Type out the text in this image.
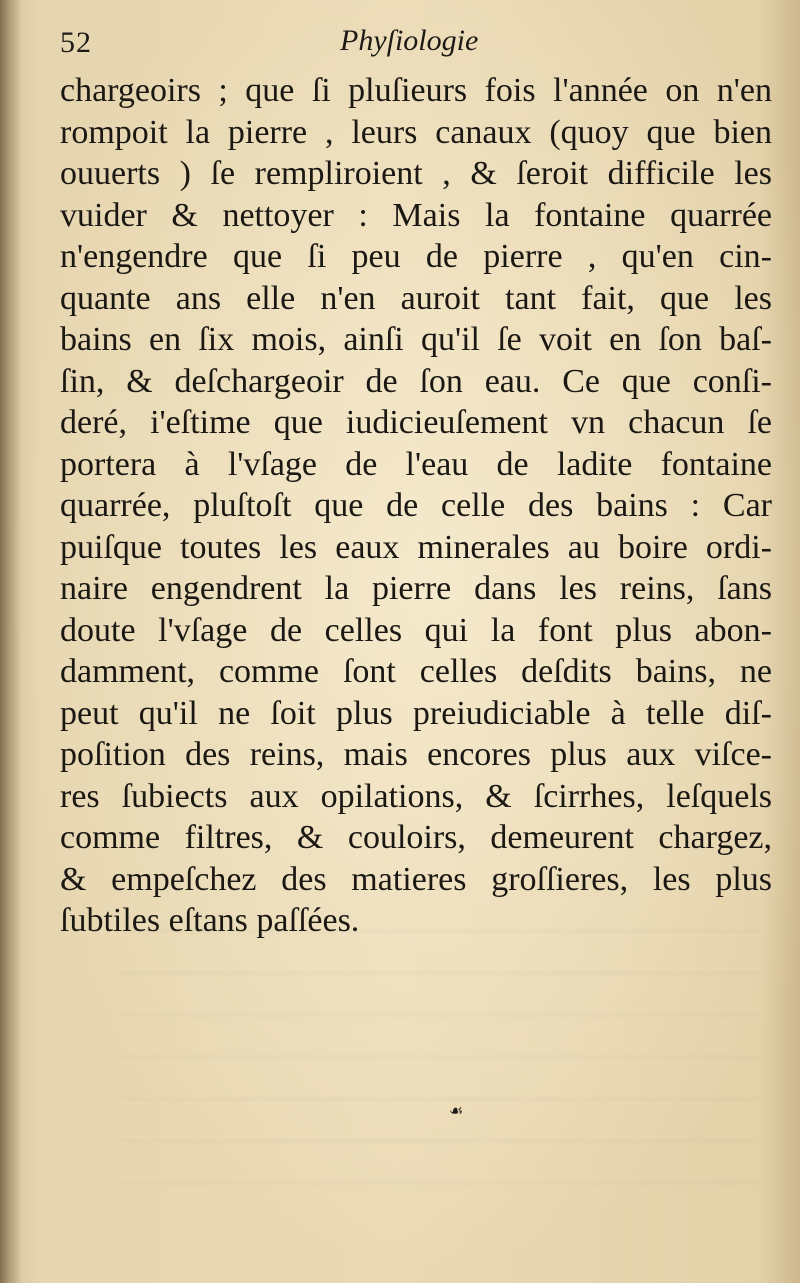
52	Phyſiologie
chargeoirs ; que ſi pluſieurs fois l'année on n'en
rompoit la pierre , leurs canaux (quoy que bien
ouuerts ) ſe rempliroient , & ſeroit difficile les
vuider & nettoyer : Mais la fontaine quarrée
n'engendre que ſi peu de pierre , qu'en cin-
quante ans elle n'en auroit tant fait, que les
bains en ſix mois, ainſi qu'il ſe voit en ſon baſ-
ſin, & deſchargeoir de ſon eau. Ce que conſi-
deré, i'eſtime que iudicieuſement vn chacun ſe
portera à l'vſage de l'eau de ladite fontaine
quarrée, pluſtoſt que de celle des bains : Car
puiſque toutes les eaux minerales au boire ordi-
naire engendrent la pierre dans les reins, ſans
doute l'vſage de celles qui la font plus abon-
damment, comme ſont celles deſdits bains, ne
peut qu'il ne ſoit plus preiudiciable à telle diſ-
poſition des reins, mais encores plus aux viſce-
res ſubiects aux opilations, & ſcirrhes, leſquels
comme filtres, & couloirs, demeurent chargez,
& empeſchez des matieres groſſieres, les plus
ſubtiles eſtans paſſées.
☙
